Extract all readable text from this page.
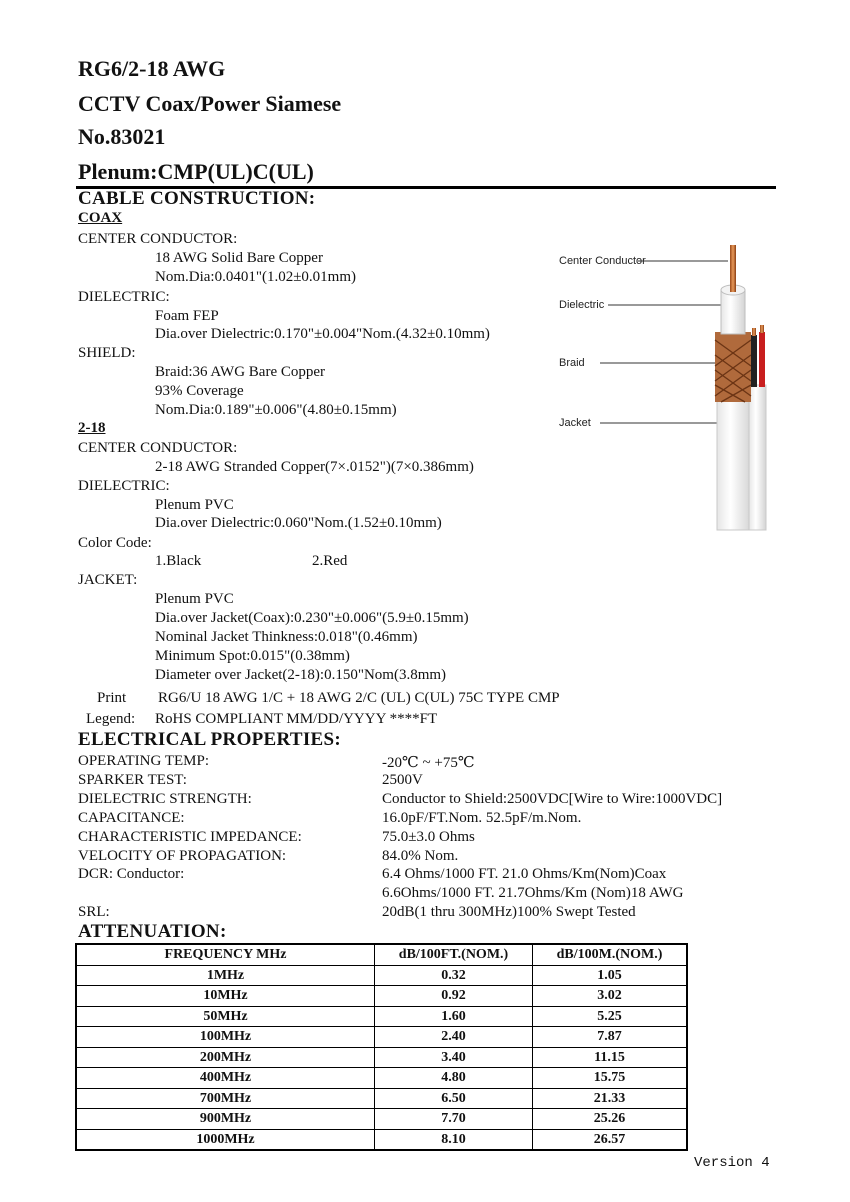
RG6/2-18 AWG
CCTV Coax/Power Siamese
No.83021
Plenum:CMP(UL)C(UL)
CABLE CONSTRUCTION:
COAX
CENTER CONDUCTOR:
18 AWG Solid Bare Copper
Nom.Dia:0.0401"(1.02±0.01mm)
DIELECTRIC:
Foam FEP
Dia.over Dielectric:0.170"±0.004"Nom.(4.32±0.10mm)
SHIELD:
Braid:36 AWG Bare Copper
93% Coverage
Nom.Dia:0.189"±0.006"(4.80±0.15mm)
2-18
CENTER CONDUCTOR:
2-18 AWG Stranded Copper(7×.0152")(7×0.386mm)
DIELECTRIC:
Plenum PVC
Dia.over Dielectric:0.060"Nom.(1.52±0.10mm)
Color Code:
1.Black	2.Red
JACKET:
Plenum PVC
Dia.over Jacket(Coax):0.230"±0.006"(5.9±0.15mm)
Nominal Jacket Thinkness:0.018"(0.46mm)
Minimum Spot:0.015"(0.38mm)
Diameter over Jacket(2-18):0.150"Nom(3.8mm)
Print RG6/U 18 AWG 1/C + 18 AWG 2/C (UL) C(UL) 75C TYPE CMP
Legend: RoHS COMPLIANT MM/DD/YYYY ****FT
Center Conductor
Dielectric
Braid
Jacket
ELECTRICAL PROPERTIES:
OPERATING TEMP:	-20℃ ~ +75℃
SPARKER TEST:	2500V
DIELECTRIC STRENGTH:	Conductor to Shield:2500VDC[Wire to Wire:1000VDC]
CAPACITANCE:	16.0pF/FT.Nom. 52.5pF/m.Nom.
CHARACTERISTIC IMPEDANCE:	75.0±3.0 Ohms
VELOCITY OF PROPAGATION:	84.0% Nom.
DCR: Conductor:	6.4 Ohms/1000 FT. 21.0 Ohms/Km(Nom)Coax
6.6Ohms/1000 FT. 21.7Ohms/Km (Nom)18 AWG
SRL:	20dB(1 thru 300MHz)100% Swept Tested
ATTENUATION:
FREQUENCY MHz	dB/100FT.(NOM.)	dB/100M.(NOM.)
1MHz	0.32	1.05
10MHz	0.92	3.02
50MHz	1.60	5.25
100MHz	2.40	7.87
200MHz	3.40	11.15
400MHz	4.80	15.75
700MHz	6.50	21.33
900MHz	7.70	25.26
1000MHz	8.10	26.57
Version 4
